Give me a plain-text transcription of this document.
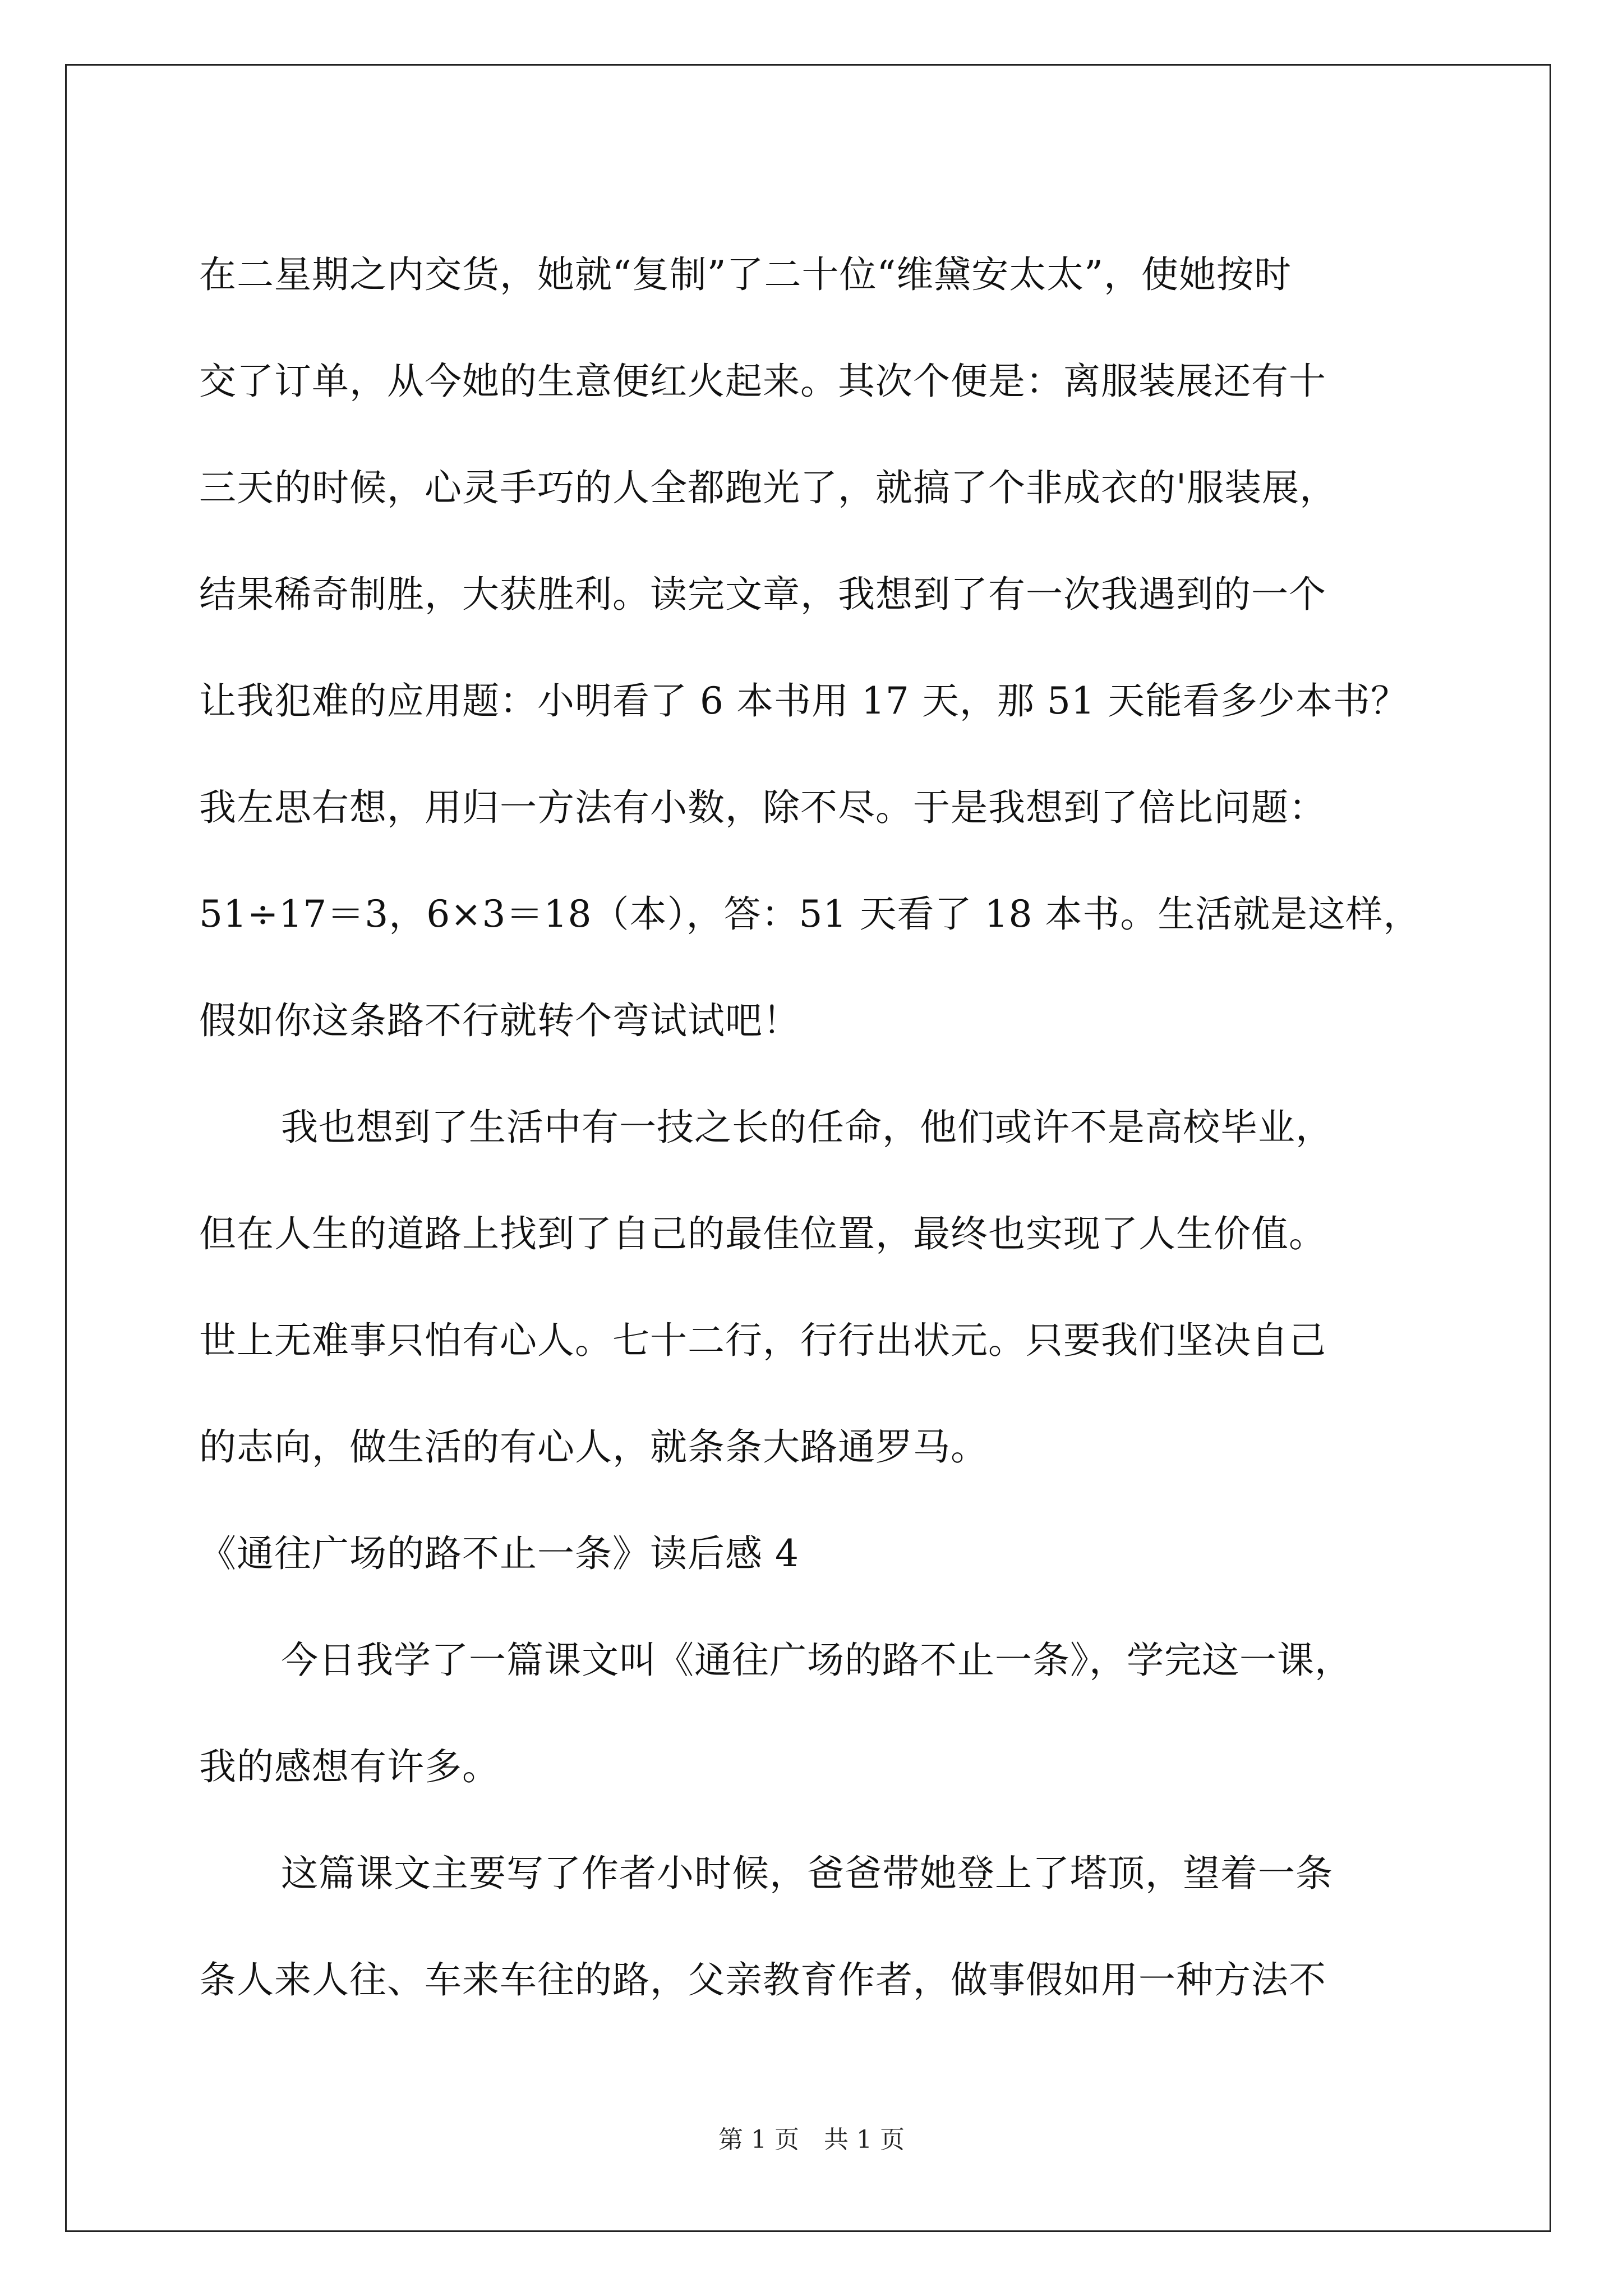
在二星期之内交货，她就“复制”了二十位“维黛安太太”，使她按时
交了订单，从今她的生意便红火起来。其次个便是：离服装展还有十
三天的时候，心灵手巧的人全都跑光了，就搞了个非成衣的'服装展，
结果稀奇制胜，大获胜利。读完文章，我想到了有一次我遇到的一个
让我犯难的应用题：小明看了 6 本书用 17 天，那 51 天能看多少本书？
我左思右想，用归一方法有小数，除不尽。于是我想到了倍比问题：
51÷17＝3，6×3＝18（本），答：51 天看了 18 本书。生活就是这样，
假如你这条路不行就转个弯试试吧！
我也想到了生活中有一技之长的任命，他们或许不是高校毕业，
但在人生的道路上找到了自己的最佳位置，最终也实现了人生价值。
世上无难事只怕有心人。七十二行，行行出状元。只要我们坚决自己
的志向，做生活的有心人，就条条大路通罗马。
《通往广场的路不止一条》读后感 4
今日我学了一篇课文叫《通往广场的路不止一条》，学完这一课，
我的感想有许多。
这篇课文主要写了作者小时候，爸爸带她登上了塔顶，望着一条
条人来人往、车来车往的路，父亲教育作者，做事假如用一种方法不
第 1 页　共 1 页
